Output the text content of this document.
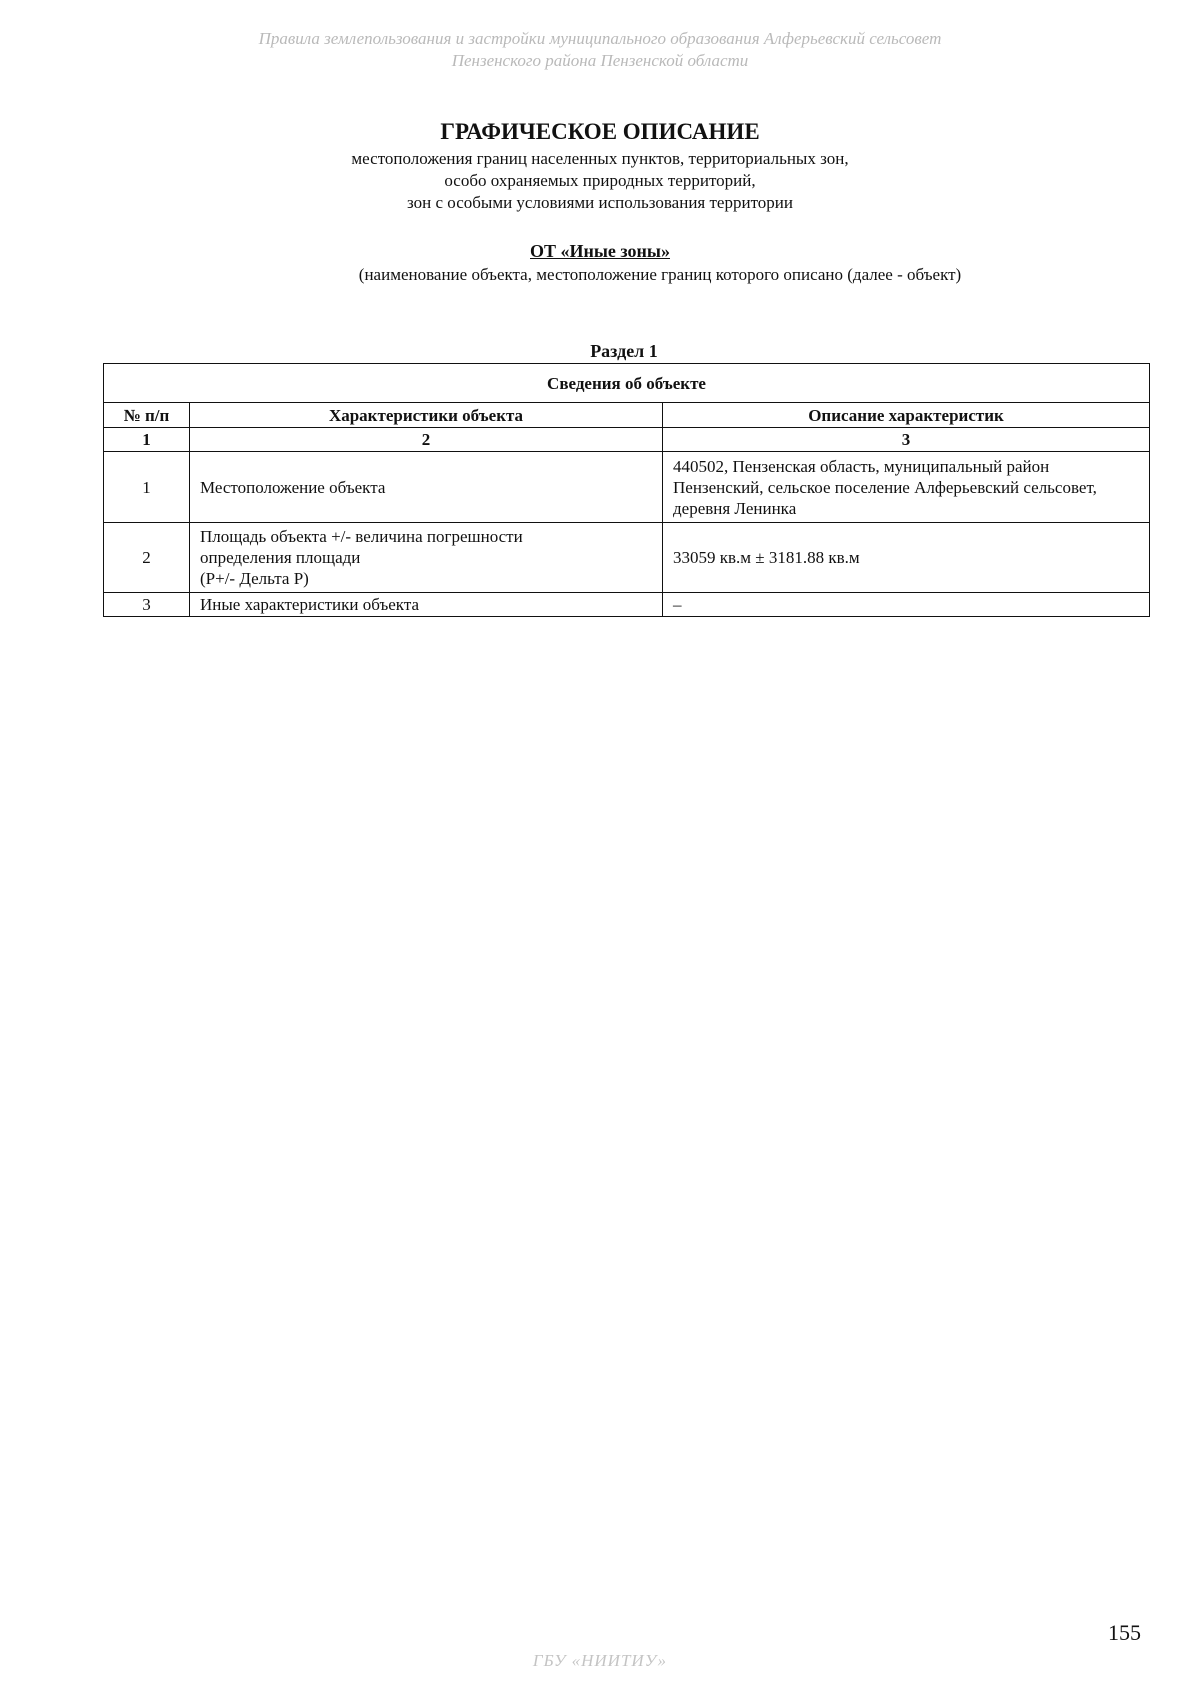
Правила землепользования и застройки муниципального образования Алферьевский сельсовет
Пензенского района Пензенской области
ГРАФИЧЕСКОЕ ОПИСАНИЕ
местоположения границ населенных пунктов, территориальных зон,
особо охраняемых природных территорий,
зон с особыми условиями использования территории
ОТ «Иные зоны»
(наименование объекта, местоположение границ которого описано (далее - объект)
Раздел 1
Сведения об объекте		
№ п/п	Характеристики объекта	Описание характеристик
1	2	3
1	Местоположение объекта	440502, Пензенская область, муниципальный район Пензенский, сельское поселение Алферьевский сельсовет, деревня Ленинка
2	Площадь объекта +/- величина погрешности
определения площади
(Р+/- Дельта Р)	33059 кв.м ± 3181.88 кв.м
3	Иные характеристики объекта	–
155
ГБУ «НИИТИУ»
